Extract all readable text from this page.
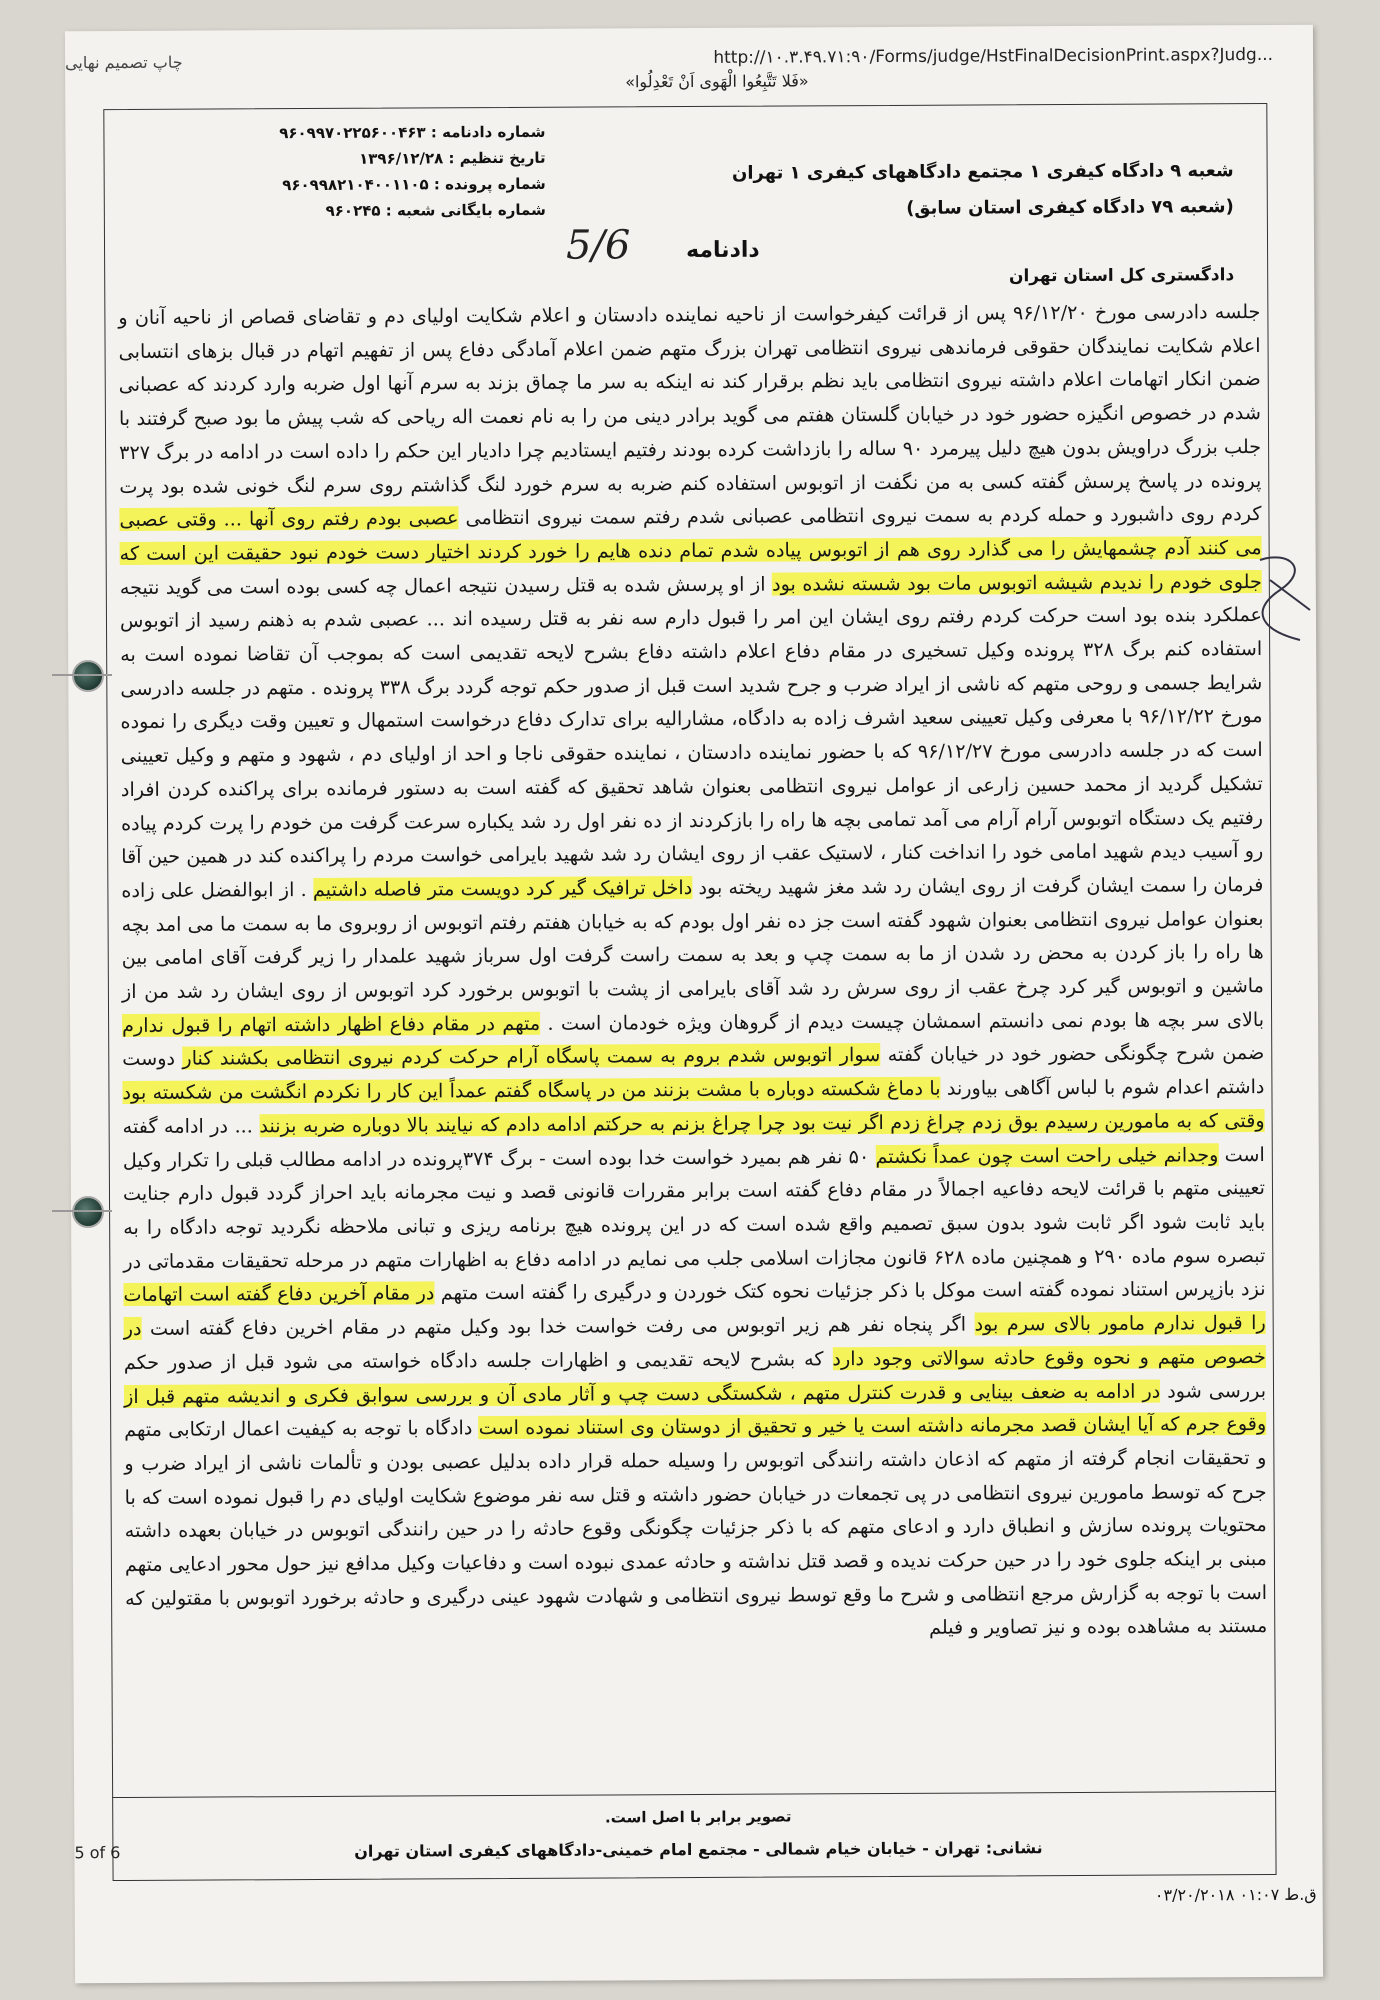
چاپ تصمیم نهایی	http://۱۰.۳.۴۹.۷۱:۹۰/Forms/judge/HstFinalDecisionPrint.aspx?Judg...
«فَلا تَتَّبِعُوا الْهَوى اَنْ تَعْدِلُوا»
شماره دادنامه : ۹۶۰۹۹۷۰۲۲۵۶۰۰۴۶۳
تاریخ تنظیم : ۱۳۹۶/۱۲/۲۸
شماره پرونده : ۹۶۰۹۹۸۲۱۰۴۰۰۱۱۰۵
شماره بایگانی شعبه : ۹۶۰۲۴۵
شعبه ۹ دادگاه کیفری ۱ مجتمع دادگاههای کیفری ۱ تهران
(شعبه ۷۹ دادگاه کیفری استان سابق)
5/6	دادنامه
دادگستری کل استان تهران

جلسه دادرسی مورخ ۹۶/۱۲/۲۰ پس از قرائت کیفرخواست از ناحیه نماینده دادستان و اعلام شکایت اولیای دم و تقاضای قصاص از ناحیه آنان و اعلام شکایت نمایندگان حقوقی فرماندهی نیروی انتظامی تهران بزرگ متهم ضمن اعلام آمادگی دفاع پس از تفهیم اتهام در قبال بزهای انتسابی ضمن انکار اتهامات اعلام داشته نیروی انتظامی باید نظم برقرار کند نه اینکه به سر ما چماق بزند به سرم آنها اول ضربه وارد کردند که عصبانی شدم در خصوص انگیزه حضور خود در خیابان گلستان هفتم می گوید برادر دینی من را به نام نعمت اله ریاحی که شب پیش ما بود صبح گرفتند با جلب بزرگ دراویش بدون هیچ دلیل پیرمرد ۹۰ ساله را بازداشت کرده بودند رفتیم ایستادیم چرا دادیار این حکم را داده است در ادامه در برگ ۳۲۷ پرونده در پاسخ پرسش گفته کسی به من نگفت از اتوبوس استفاده کنم ضربه به سرم خورد لنگ گذاشتم روی سرم لنگ خونی شده بود پرت کردم روی داشبورد و حمله کردم به سمت نیروی انتظامی عصبانی شدم رفتم سمت نیروی انتظامی عصبی بودم رفتم روی آنها ... وقتی عصبی می کنند آدم چشمهایش را می گذارد روی هم از اتوبوس پیاده شدم تمام دنده هایم را خورد کردند اختیار دست خودم نبود حقیقت این است که جلوی خودم را ندیدم شیشه اتوبوس مات بود شسته نشده بود از او پرسش شده به قتل رسیدن نتیجه اعمال چه کسی بوده است می گوید نتیجه عملکرد بنده بود است حرکت کردم رفتم روی ایشان این امر را قبول دارم سه نفر به قتل رسیده اند ... عصبی شدم به ذهنم رسید از اتوبوس استفاده کنم برگ ۳۲۸ پرونده وکیل تسخیری در مقام دفاع اعلام داشته دفاع بشرح لایحه تقدیمی است که بموجب آن تقاضا نموده است به شرایط جسمی و روحی متهم که ناشی از ایراد ضرب و جرح شدید است قبل از صدور حکم توجه گردد برگ ۳۳۸ پرونده . متهم در جلسه دادرسی مورخ ۹۶/۱۲/۲۲ با معرفی وکیل تعیینی سعید اشرف زاده به دادگاه، مشارالیه برای تدارک دفاع درخواست استمهال و تعیین وقت دیگری را نموده است که در جلسه دادرسی مورخ ۹۶/۱۲/۲۷ که با حضور نماینده دادستان ، نماینده حقوقی ناجا و احد از اولیای دم ، شهود و متهم و وکیل تعیینی تشکیل گردید از محمد حسین زارعی از عوامل نیروی انتظامی بعنوان شاهد تحقیق که گفته است به دستور فرمانده برای پراکنده کردن افراد رفتیم یک دستگاه اتوبوس آرام آرام می آمد تمامی بچه ها راه را بازکردند از ده نفر اول رد شد یکباره سرعت گرفت من خودم را پرت کردم پیاده رو آسیب دیدم شهید امامی خود را انداخت کنار ، لاستیک عقب از روی ایشان رد شد شهید بایرامی خواست مردم را پراکنده کند در همین حین آقا فرمان را سمت ایشان گرفت از روی ایشان رد شد مغز شهید ریخته بود داخل ترافیک گیر کرد دویست متر فاصله داشتیم . از ابوالفضل علی زاده بعنوان عوامل نیروی انتظامی بعنوان شهود گفته است جز ده نفر اول بودم که به خیابان هفتم رفتم اتوبوس از روبروی ما به سمت ما می امد بچه ها راه را باز کردن به محض رد شدن از ما به سمت چپ و بعد به سمت راست گرفت اول سرباز شهید علمدار را زیر گرفت آقای امامی بین ماشین و اتوبوس گیر کرد چرخ عقب از روی سرش رد شد آقای بایرامی از پشت با اتوبوس برخورد کرد اتوبوس از روی ایشان رد شد من از بالای سر بچه ها بودم نمی دانستم اسمشان چیست دیدم از گروهان ویژه خودمان است . متهم در مقام دفاع اظهار داشته اتهام را قبول ندارم ضمن شرح چگونگی حضور خود در خیابان گفته سوار اتوبوس شدم بروم به سمت پاسگاه آرام حرکت کردم نیروی انتظامی بکشند کنار دوست داشتم اعدام شوم با لباس آگاهی بیاورند با دماغ شکسته دوباره با مشت بزنند من در پاسگاه گفتم عمداً این کار را نکردم انگشت من شکسته بود وقتی که به مامورین رسیدم بوق زدم چراغ زدم اگر نیت بود چرا چراغ بزنم به حرکتم ادامه دادم که نیایند بالا دوباره ضربه بزنند ... در ادامه گفته است وجدانم خیلی راحت است چون عمداً نکشتم ۵۰ نفر هم بمیرد خواست خدا بوده است - برگ ۳۷۴پرونده در ادامه مطالب قبلی را تکرار وکیل تعیینی متهم با قرائت لایحه دفاعیه اجمالاً در مقام دفاع گفته است برابر مقررات قانونی قصد و نیت مجرمانه باید احراز گردد قبول دارم جنایت باید ثابت شود اگر ثابت شود بدون سبق تصمیم واقع شده است که در این پرونده هیچ برنامه ریزی و تبانی ملاحظه نگردید توجه دادگاه را به تبصره سوم ماده ۲۹۰ و همچنین ماده ۶۲۸ قانون مجازات اسلامی جلب می نمایم در ادامه دفاع به اظهارات متهم در مرحله تحقیقات مقدماتی در نزد بازپرس استناد نموده گفته است موکل با ذکر جزئیات نحوه کتک خوردن و درگیری را گفته است متهم در مقام آخرین دفاع گفته است اتهامات را قبول ندارم مامور بالای سرم بود اگر پنجاه نفر هم زیر اتوبوس می رفت خواست خدا بود وکیل متهم در مقام اخرین دفاع گفته است در خصوص متهم و نحوه وقوع حادثه سوالاتی وجود دارد که بشرح لایحه تقدیمی و اظهارات جلسه دادگاه خواسته می شود قبل از صدور حکم بررسی شود در ادامه به ضعف بینایی و قدرت کنترل متهم ، شکستگی دست چپ و آثار مادی آن و بررسی سوابق فکری و اندیشه متهم قبل از وقوع جرم که آیا ایشان قصد مجرمانه داشته است یا خیر و تحقیق از دوستان وی استناد نموده است دادگاه با توجه به کیفیت اعمال ارتکابی متهم و تحقیقات انجام گرفته از متهم که اذعان داشته رانندگی اتوبوس را وسیله حمله قرار داده بدلیل عصبی بودن و تألمات ناشی از ایراد ضرب و جرح که توسط مامورین نیروی انتظامی در پی تجمعات در خیابان حضور داشته و قتل سه نفر موضوع شکایت اولیای دم را قبول نموده است که با محتویات پرونده سازش و انطباق دارد و ادعای متهم که با ذکر جزئیات چگونگی وقوع حادثه را در حین رانندگی اتوبوس در خیابان بعهده داشته مبنی بر اینکه جلوی خود را در حین حرکت ندیده و قصد قتل نداشته و حادثه عمدی نبوده است و دفاعیات وکیل مدافع نیز حول محور ادعایی متهم است با توجه به گزارش مرجع انتظامی و شرح ما وقع توسط نیروی انتظامی و شهادت شهود عینی درگیری و حادثه برخورد اتوبوس با مقتولین که مستند به مشاهده بوده و نیز تصاویر و فیلم

تصویر برابر با اصل است.
نشانی: تهران - خیابان خیام شمالی - مجتمع امام خمینی-دادگاههای کیفری استان تهران
5 of 6
ق.ط ۰۱:۰۷ ۰۳/۲۰/۲۰۱۸
